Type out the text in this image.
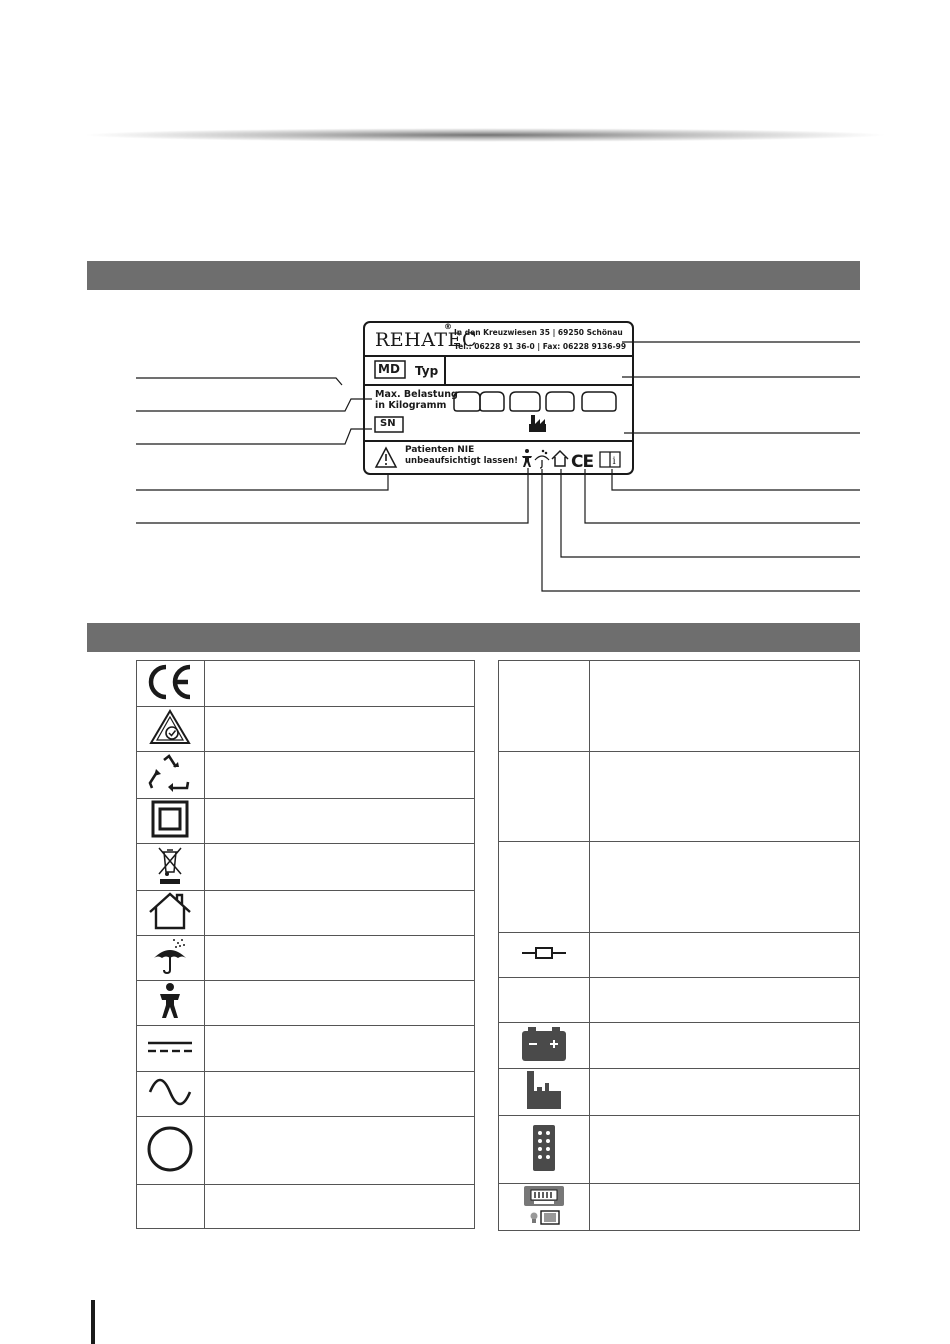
CE i
REHATEC
®
In den Kreuzwiesen 35 | 69250 Schönau
Tel.: 06228 91 36-0 | Fax: 06228 9136-99
MD Typ
Max. Belastung
in Kilogramm
SN
Patienten NIE
unbeaufsichtigt lassen!
